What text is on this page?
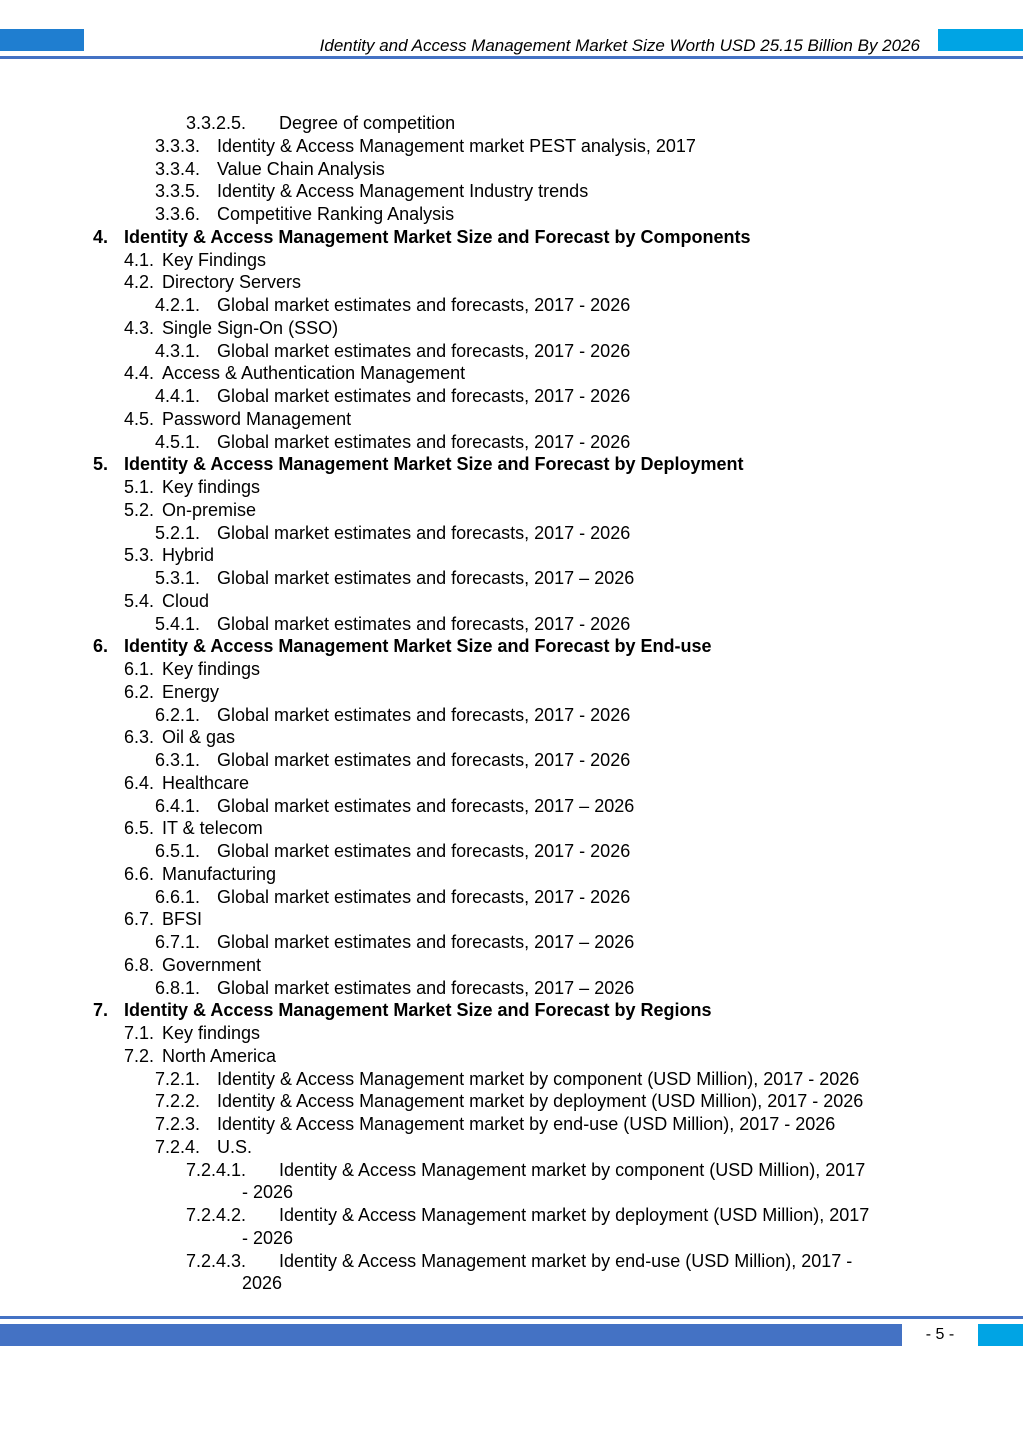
Identity and Access Management Market Size Worth USD 25.15 Billion By 2026
3.3.2.5. Degree of competition
3.3.3. Identity & Access Management market PEST analysis, 2017
3.3.4. Value Chain Analysis
3.3.5. Identity & Access Management Industry trends
3.3.6. Competitive Ranking Analysis
4. Identity & Access Management Market Size and Forecast by Components
4.1. Key Findings
4.2. Directory Servers
4.2.1. Global market estimates and forecasts, 2017 - 2026
4.3. Single Sign-On (SSO)
4.3.1. Global market estimates and forecasts, 2017 - 2026
4.4. Access & Authentication Management
4.4.1. Global market estimates and forecasts, 2017 - 2026
4.5. Password Management
4.5.1. Global market estimates and forecasts, 2017 - 2026
5. Identity & Access Management Market Size and Forecast by Deployment
5.1. Key findings
5.2. On-premise
5.2.1. Global market estimates and forecasts, 2017 - 2026
5.3. Hybrid
5.3.1. Global market estimates and forecasts, 2017 – 2026
5.4. Cloud
5.4.1. Global market estimates and forecasts, 2017 - 2026
6. Identity & Access Management Market Size and Forecast by End-use
6.1. Key findings
6.2. Energy
6.2.1. Global market estimates and forecasts, 2017 - 2026
6.3. Oil & gas
6.3.1. Global market estimates and forecasts, 2017 - 2026
6.4. Healthcare
6.4.1. Global market estimates and forecasts, 2017 – 2026
6.5. IT & telecom
6.5.1. Global market estimates and forecasts, 2017 - 2026
6.6. Manufacturing
6.6.1. Global market estimates and forecasts, 2017 - 2026
6.7. BFSI
6.7.1. Global market estimates and forecasts, 2017 – 2026
6.8. Government
6.8.1. Global market estimates and forecasts, 2017 – 2026
7. Identity & Access Management Market Size and Forecast by Regions
7.1. Key findings
7.2. North America
7.2.1. Identity & Access Management market by component (USD Million), 2017 - 2026
7.2.2. Identity & Access Management market by deployment (USD Million), 2017 - 2026
7.2.3. Identity & Access Management market by end-use (USD Million), 2017 - 2026
7.2.4. U.S.
7.2.4.1. Identity & Access Management market by component (USD Million), 2017
- 2026
7.2.4.2. Identity & Access Management market by deployment (USD Million), 2017
- 2026
7.2.4.3. Identity & Access Management market by end-use (USD Million), 2017 -
2026
- 5 -
